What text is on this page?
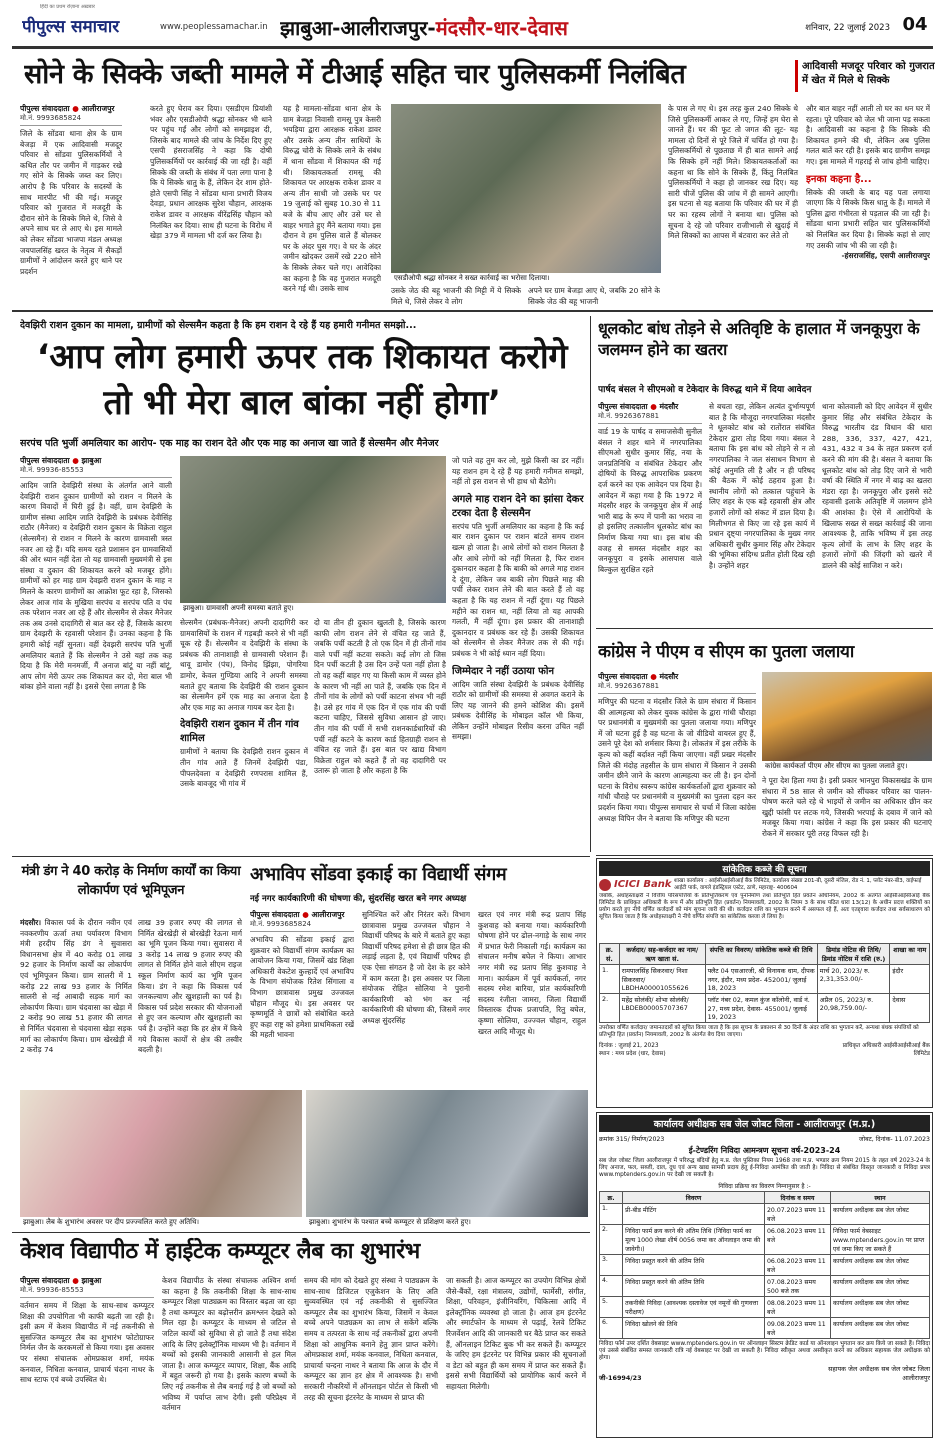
पीपुल्स समाचार
हिंदी का प्रथम रोज़ाना अख़बार
www.peoplessamachar.in झाबुआ-आलीराजपुर-मंदसौर-धार-देवास	शनिवार, 22 जुलाई 2023 04
सोने के सिक्के जब्ती मामले में टीआई सहित चार पुलिसकर्मी निलंबित	आदिवासी मजदूर परिवार को गुजरात में खेत में मिले थे सिक्के
पीपुल्स संवाददाता ● आलीराजपुर
मो.नं. 9993685824
जिले के सोंडवा थाना क्षेत्र के ग्राम बेजड़ा में एक आदिवासी मजदूर परिवार से सोंडवा पुलिसकर्मियों ने कथित तौर पर जमीन में गाड़कर रखे गए सोने के सिक्के जब्त कर लिए। आरोप है कि परिवार के सदस्यों के साथ मारपीट भी की गई। मजदूर परिवार को गुजरात में मजदूरी के दौरान सोने के सिक्के मिले थे, जिसे वे अपने साथ घर ले आए थे। इस मामले को लेकर सोंडवा भाजपा मंडल अध्यक्ष जयपालसिंह खरत के नेतृत्व में सैकड़ों ग्रामीणों ने आंदोलन करते हुए थाने पर प्रदर्शन
करते हुए घेराव कर दिया। एसडीएम प्रियांशी भंवर और एसडीओपी श्रद्धा सोनकर भी थाने पर पहुंच गईं और लोगों को समझाइश दी, जिसके बाद मामले की जांच के निर्देश दिए हुए एसपी हंसराजसिंह ने कहा कि दोषी पुलिसकर्मियों पर कार्रवाई की जा रही है। वहीं सिक्के की जब्ती के संबंध में पता लगा पाना है कि ये सिक्के धातु के हैं, लेकिन देर शाम होते-होते एसपी सिंह ने सोंडवा थाना प्रभारी विजय देवड़ा, प्रधान आरक्षक सुरेश चौहान, आरक्षक राकेश डावर व आरक्षक वीरेंद्रसिंह चौहान को निलंबित कर दिया। साथ ही घटना के विरोध में खेड़ा 379 में मामला भी दर्ज कर लिया है।
यह है मामला-सोंडवा थाना क्षेत्र के ग्राम बेजड़ा निवासी रामसू पुत्र केसरी भयड़िया द्वारा आरक्षक राकेश डावर और उसके अन्य तीन साथियों के विरुद्ध चोरी के सिक्के लाने के संबंध में थाना सोंडवा में शिकायत की गई थी। शिकायतकर्ता रामसू की शिकायत पर आरक्षक राकेश डावर व अन्य तीन साथी जो उसके घर पर 19 जुलाई को सुबह 10.30 से 11 बजे के बीच आए और उसे घर से बाहर भगाते हुए मैंने बताया गया। इस दौरान वे हम पुलिस वाले हैं बोलकर घर के अंदर घुस गए। वे घर के अंदर जमीन खोदकर उसमें रखे 220 सोने के सिक्के लेकर चले गए। आवेदिका का कहना है कि वह गुजरात मजदूरी करने गई थी। उसके साथ
एसडीओपी श्रद्धा सोनकर ने सख्त कार्रवाई का भरोसा दिलाया।
उसके जेठ की बहू भाजनी की मिट्टी में ये सिक्के मिले थे, जिसे लेकर वे लोग
अपने घर ग्राम बेजड़ा आए थे, जबकि 20 सोने के सिक्के जेठ की बहू भाजनी
के पास ले गए थे। इस तरह कुल 240 सिक्के थे जिसे पुलिसकर्मी आकर ले गए, जिन्हें हम घेरा से जानते हैं। घर की फूट तो जगत की लूट- यह मामला दो दिनों से पूरे जिले में चर्चित हो गया है। पुलिसकर्मियों से पूछताछ में ही बात सामने आई कि सिक्के हमें नहीं मिले। शिकायतकर्ताओं का कहना था कि सोने के सिक्के हैं, किंतु निलंबित पुलिसकर्मियों ने कहा हो जानकर रख दिए। यह सारी चीजें पुलिस की जांच में ही सामने आएगी। इस घटना से यह बताया कि परिवार की घर में ही घर का रहस्य लोगों ने बनाया था। पुलिस को सूचना दे रहे जो परिवार राजीभाली से खुदाई में मिले सिक्कों का आपस में बंटवारा कर लेते तो
और बात बाहर नहीं आती तो घर का धन घर में रहता। पूरे परिवार को जेल भी जाना पड़ सकता है। आदिवासी का कहना है कि सिक्के की शिकायत हमने की थी, लेकिन अब पुलिस गलत बातें कर रही है। इसके बाद ग्रामीण समझ गए। इस मामले में गहराई से जांच होनी चाहिए।
इनका कहना है...
सिक्के की जब्ती के बाद यह पता लगाया जाएगा कि ये सिक्के किस धातु के हैं। मामले में पुलिस द्वारा गंभीरता से पड़ताल की जा रही है। सोंडवा थाना प्रभारी सहित चार पुलिसकर्मियों को निलंबित कर दिया है। सिक्के कहां से लाए गए उसकी जांच भी की जा रही है।
-हंसराजसिंह, एसपी आलीराजपुर
देवझिरी राशन दुकान का मामला, ग्रामीणों को सेल्समैन कहता है कि हम राशन दे रहे हैं यह हमारी गनीमत समझो...
‘आप लोग हमारी ऊपर तक शिकायत करोगे तो भी मेरा बाल बांका नहीं होगा’
सरपंच पति भुर्जी अमलियार का आरोप- एक माह का राशन देते और एक माह का अनाज खा जाते हैं सेल्समैन और मैनेजर
पीपुल्स संवाददाता ● झाबुआ
मो.नं. 99936-85553
आदिम जाति देवझिरी संस्था के अंतर्गत आने वाली देवझिरी राशन दुकान ग्रामीणों को राशन न मिलने के कारण विवादों में घिरी हुई है। वहीं, ग्राम देवझिरी के ग्रामीण संस्था आदिम जाति देवझिरी के प्रबंधक देवीसिंह राठौर (मैनेजर) व देवझिरी राशन दुकान के विक्रेता राहुल (सेल्समैन) से राशन न मिलने के कारण ग्रामवासी त्रस्त नजर आ रहे हैं। यदि समय रहते प्रशासन इन ग्रामवासियों की ओर ध्यान नहीं देता तो यह ग्रामवासी मुख्यमंत्री से इस संस्था व दुकान की शिकायत करने को मजबूर होंगे। ग्रामीणों को हर माह ग्राम देवझरी राशन दुकान के माह न मिलने के कारण ग्रामीणों का आक्रोश फूट रहा है, जिसको लेकर आज गांव के मुखिया सरपंच व सरपंच पति व पंच तक परेशान नजर आ रहे हैं और सेल्समैन से लेकर मैनेजर तक अब उनसे दादागिरी से बात कर रहे हैं, जिसके कारण ग्राम देवझरी के रहवासी परेशान हैं। उनका कहना है कि हमारी कोई नहीं सुनता। वहीं देवझरी सरपंच पति भुर्जी अमलियार बताते हैं कि सेल्समैन ने उसे यहां तक कह दिया है कि मेरी मनमर्जी, मैं अनाज बांटूं या नहीं बांटूं, आप लोग मेरी ऊपर तक शिकायत कर दो, मेरा बाल भी बांका होने वाला नहीं है। इससे ऐसा लगता है कि
झाबुआ। ग्रामवासी अपनी समस्या बताते हुए।
सेल्समैन (प्रबंधक-मैनेजर) अपनी दादागिरी कर ग्रामवासियों के राशन में गड़बड़ी करने से भी नहीं चूक रहे हैं। सेल्समैन व देवझिरी के संस्था के प्रबंधक की तानाशाही से ग्रामवासी परेशान हैं। थावू डामोर (पंच), विनोद झिंझा, पोगरिया डामोर, केवल गुण्डिया आदि ने अपनी समस्या बताते हुए बताया कि देवझिरी की राशन दुकान का सेल्समैन हमें एक माह का अनाज देता है और एक माह का अनाज गायब कर देता है।
देवझिरी राशन दुकान में तीन गांव शामिल
ग्रामीणों ने बताया कि देवझिरी राशन दुकान में तीन गांव आते हैं जिनमें देवझिरी पंडा, पीपलदेवला व देवझिरी रणपरास शामिल हैं, उसके बावजूद भी गांव में
दो या तीन ही दुकान खुलती है, जिसके कारण काफी लोग राशन लेने से वंचित रह जाते हैं, जबकि पर्ची कटती है तो एक दिन में ही तीनों गांव वाले पर्ची नहीं कटवा सकते। कई लोग तो जिस दिन पर्ची कटती है उस दिन उन्हें पता नहीं होता है तो वह कहीं बाहर गए या किसी काम में व्यस्त होने के कारण भी नहीं आ पाते हैं, जबकि एक दिन में तीनों गांव के लोगों को पर्ची काटना संभव भी नहीं है। उसे हर गांव में एक दिन में एक गांव की पर्ची कटना चाहिए, जिससे सुविधा आसान हो जाए। तीन गांव की पर्ची में सभी राशनकार्डधारियों की पर्ची नहीं कटने के कारण कार्ड हितग्राही राशन से वंचित रह जाते हैं। इस बात पर खाद्य विभाग विक्रेता राहुल को कहते हैं तो वह दादागिरी पर उतारू हो जाता है और कहता है कि
जो पाते वह तुम कर लो, मुझे किसी का डर नहीं। यह राशन हम दे रहे हैं यह हमारी गनीमत समझो, नहीं तो इस राशन से भी हाथ धो बैठोगे।
अगले माह राशन देने का झांसा देकर टरका देता है सेल्समैन
सरपंच पति भुर्जी अमलियार का कहना है कि कई बार राशन दुकान पर राशन बांटते समय राशन खत्म हो जाता है। आधे लोगों को राशन मिलता है और आधे लोगों को नहीं मिलता है, फिर राशन दुकानदार कहता है कि बाकी को अगले माह राशन दे दूंगा, लेकिन जब बाकी लोग पिछले माह की पर्ची लेकर राशन लेने की बात करते हैं तो वह कहता है कि यह राशन में नहीं दूंगा। यह पिछले महीने का राशन था, नहीं लिया तो यह आपकी गलती, मैं नहीं दूंगा। इस प्रकार की तानाशाही दुकानदार व प्रबंधक कर रहे हैं। उसकी शिकायत को सेल्समैन से लेकर मैनेजर तक से की गई। प्रबंधक ने भी कोई ध्यान नहीं दिया।
जिम्मेदार ने नहीं उठाया फोन
आदिम जाति संस्था देवझिरी के प्रबंधक देवीसिंह राठौर को ग्रामीणों की समस्या से अवगत कराने के लिए यह जानने की हमने कोशिश की। इसमें प्रबंधक देवीसिंह के मोबाइल कॉल भी किया, लेकिन उन्होंने मोबाइल रिसीव करना उचित नहीं समझा।
धूलकोट बांध तोड़ने से अतिवृष्टि के हालात में जनकूपुरा के जलमग्न होने का खतरा
पार्षद बंसल ने सीएमओ व टेकेदार के विरुद्ध थाने में दिया आवेदन
पीपुल्स संवाददाता ● मंदसौर
मो.नं. 9926367881
वार्ड 19 के पार्षद व समाजसेवी सुनील बंसल ने शहर थाने में नगरपालिका सीएमओ सुधीर कुमार सिंह, नया के जनप्रतिनिधि व संबंधित टेकेदार और दोषियों के विरुद्ध आपराधिक प्रकरण दर्ज करने का एक आवेदन पत्र दिया है। आवेदन में कहा गया है कि 1972 में मंदसौर शहर के जनकूपुरा क्षेत्र में आई भारी बाढ़ के रूप में पानी का भराव ना हो इसलिए तत्कालीन धूलकोट बांध का निर्माण किया गया था। इस बांध की वजह से समस्त मंदसौर शहर का जनकूपुरा व इसके आसपास वाले बिल्कुल सुरक्षित रहते
से बचता रहा, लेकिन अत्यंत दुर्भाग्यपूर्ण बात है कि मौजूदा नगरपालिका मंदसौर ने धूलकोट बांध को रातोंरात संबंधित टेकेदार द्वारा तोड़ दिया गया। बंसल ने बताया कि इस बांध को तोड़ने से न तो नगरपालिका ने जल संसाधन विभाग से कोई अनुमति ली है और न ही परिषद की बैठक में कोई ठहराव हुआ है। स्थानीय लोगों को तत्काल पहुंचाने के लिए शहर के एक बड़े रहवासी क्षेत्र और हजारों लोगों को संकट में डाल दिया है। मिलीभगत से किए जा रहे इस कार्य में प्रधान दृष्ट्या नगरपालिका के मुख्य नगर अधिकारी सुधीर कुमार सिंह और टेकेदार की भूमिका संदिग्ध प्रतीत होती दिख रही है। उन्होंने शहर
थाना कोतवाली को दिए आवेदन में सुधीर कुमार सिंह और संबंधित टेकेदार के विरुद्ध भारतीय दंड विधान की धारा 288, 336, 337, 427, 421, 431, 432 व 34 के तहत प्रकरण दर्ज करने की मांग की है। बंसल ने बताया कि धूलकोट बांध को तोड़ दिए जाने से भारी वर्षा की स्थिति में नगर में बाढ़ का खतरा मंडरा रहा है। जनकूपुरा और इससे सटे रहवासी इलाके अतिवृष्टि में जलमग्न होने की आशंका है। ऐसे में आरोपियों के खिलाफ सख्त से सख्त कार्रवाई की जाना आवश्यक है, ताकि भविष्य में इस तरह कृत्य लोगों के लाभ के लिए शहर के हजारों लोगों की जिंदगी को खतरे में डालने की कोई साजिश न करे।
कांग्रेस ने पीएम व सीएम का पुतला जलाया
पीपुल्स संवाददाता ● मंदसौर
मो.नं. 9926367881
मणिपुर की घटना व मंदसौर जिले के ग्राम संधारा में किसान की आत्महत्या को लेकर युवक कांग्रेस के द्वारा गांधी चौराहा पर प्रधानमंत्री व मुख्यमंत्री का पुतला जलाया गया। मणिपुर में जो घटना हुई है वह घटना के जो वीडियो वायरल हुए हैं, उसने पूरे देश को शर्मसार किया है। लोकतंत्र में इस तरीके के कृत्य को कहीं बर्दाश्त नहीं किया जाएगा। वहीं प्रखर मंदसौर जिले की मंदोह तहसील के ग्राम संधारा में किसान ने उसकी जमीन छीने जाने के कारण आत्महत्या कर ली है। इन दोनों घटना के विरोध स्वरूप कांग्रेस कार्यकर्ताओं द्वारा शुक्रवार को गांधी चौराहे पर प्रधानमंत्री व मुख्यमंत्री का पुतला दहन कर प्रदर्शन किया गया। पीपुल्स समाचार से चर्चा में जिला कांग्रेस अध्यक्ष विपिन जैन ने बताया कि मणिपुर की घटना
कांग्रेस कार्यकर्ता पीएम और सीएम का पुतला जलाते हुए।
ने पूरा देश हिला गया है। इसी प्रकार भानपुरा विकासखंड के ग्राम संधारा में 58 साल से जमीन को सींचकर परिवार का पालन-पोषण करते चले रहे थे भाइयों से जमीन का अधिकार छीन कर खुद्दी फांसी पर लटक गये, जिसकी भरपाई के दबाव में जाने को मजबूर किया गया। कांग्रेस ने कहा कि इस प्रकार की घटनाएं रोकने में सरकार पूरी तरह विफल रही है।
सांकेतिक कब्जे की सूचना
ICICI Bank शाखा कार्यालय : आईसीआईसीआई बैंक लिमिटेड, कार्यालय संख्या 201-बी, दूसरी मंजिल, रोड नं. 1, प्लॉट नंबर-बी3, वाईफाई आईटी पार्क, वागले इंडस्ट्रियल एस्टेट, ठाणे, महाराष्ट्र- 400604
जबकि, अधोहस्ताक्षरी ने वित्तीय परिसंपत्तियों के प्रतिभूतिकरण एवं पुनर्निर्माण तथा प्रतिभूति हित प्रवर्तन अधिनियम, 2002 के अंतर्गत आईसीआईसीआई बैंक लिमिटेड के प्राधिकृत अधिकारी के रूप में और प्रतिभूति हित (प्रवर्तन) नियमावली, 2002 के नियम 3 के साथ पठित धारा 13(12) के अधीन प्रदत्त शक्तियों का प्रयोग करते हुए नीचे वर्णित कर्जदारों को मांग सूचना जारी की थी। कर्जदार राशि का भुगतान करने में असफल रहे हैं, अतः एतद्द्वारा कर्जदार तथा सर्वसाधारण को सूचित किया जाता है कि अधोहस्ताक्षरी ने नीचे वर्णित संपत्ति का सांकेतिक कब्जा ले लिया है।
क्र. सं.	कर्जदार/ सह-कर्जदार का नाम/ ऋण खाता सं.	संपत्ति का विवरण/ सांकेतिक कब्जे की तिथि	डिमांड नोटिस की तिथि/ डिमांड नोटिस में राशि (रु.)	शाखा का नाम
1.	रामपालसिंह सिकरवार/ निशा सिकरवार/ LBDHA00001055626	फ्लैट 04 एसआरजी, श्री विनायक धाम, दीपक नगर, इंदौर, मध्य प्रदेश- 452001/ जुलाई 18, 2023	मार्च 20, 2023/ रु. 2,31,353.00/-	इंदौर
2.	महेंद्र सोलंकी/ शोभा सोलंकी/ LBDEB00005707367	प्लॉट नंबर 02, कमल कुंज कॉलोनी, वार्ड नं. 27, मध्य प्रदेश, देवास- 455001/ जुलाई 19, 2023	अप्रैल 05, 2023/ रु. 20,98,759.00/-	देवास
उपरोक्त वर्णित कर्जदार/ जमानतदारों को सूचित किया जाता है कि इस सूचना के प्रकाशन से 30 दिनों के अंदर राशि का भुगतान करें, अन्यथा बंधक संपत्तियों को प्रतिभूति हित (प्रवर्तन) नियमावली, 2002 के अंतर्गत बेच दिया जाएगा।
दिनांक : जुलाई 21, 2023
स्थान : मध्य प्रदेश (धार, देवास)
प्राधिकृत अधिकारी आईसीआईसीआई बैंक लिमिटेड
कार्यालय अधीक्षक सब जेल जोबट जिला - आलीराजपुर (म.प्र.)
क्रमांक 315/ निर्माण/2023	जोबट, दिनांक- 11.07.2023
ई-टेण्डरिंग निविदा आमन्त्रण सूचना वर्ष-2023-24
सब जेल जोबट जिला आलीराजपुर में परिरुद्ध बंदियों हेतु म.प्र. जेल पुस्तिका नियम 1968 तथा म.प्र. भण्डार क्रय नियम 2015 के तहत वर्ष 2023-24 के लिए अनाज, फल, सब्जी, दाल, दूध एवं अन्य खाद्य सामग्री प्रदाय हेतु ई-निविदा आमंत्रित की जाती है। निविदा से संबंधित विस्तृत जानकारी व निविदा प्रपत्र www.mptenders.gov.in पर देखी जा सकती है।
निविदा प्रक्रिया का विवरण निम्नानुसार है :-
क्र.	विवरण	दिनांक व समय	स्थान
1.	प्री-बीड मीटिंग	20.07.2023 समय 11 बजे	कार्यालय अधीक्षक सब जेल जोबट
2.	निविदा फार्म क्रय करने की अंतिम तिथि (निविदा फार्म का मूल्य 1000 लेखा शीर्ष 0056 जमा कर ऑनलाइन जमा की जावेगी।)	06.08.2023 समय 11 बजे	निविदा फार्म वेबसाइट www.mptenders.gov.in पर प्राप्त एवं जमा किए जा सकते हैं
3.	निविदा प्रस्तुत करने की अंतिम तिथि	06.08.2023 समय 11 बजे	कार्यालय अधीक्षक सब जेल जोबट
4.	निविदा प्रस्तुत करने की अंतिम तिथि	07.08.2023 समय 500 बजे तक	कार्यालय अधीक्षक सब जेल जोबट
5.	तकनीकी निविदा (आवश्यक दस्तावेज एवं नमूनों की गुणवत्ता परीक्षण)	08.08.2023 समय 11 बजे	कार्यालय अधीक्षक सब जेल जोबट
6.	निविदा खोलने की तिथि	09.08.2023 समय 11 बजे	कार्यालय अधीक्षक सब जेल जोबट
निविदा फॉर्म उपर दर्शित वेबसाइट www.mptenders.gov.in पर ऑनलाइन सिस्टम क्रेडिट कार्ड या ऑनलाइन भुगतान कर क्रय किये जा सकते हैं। निविदा एवं उससे संबंधित समस्त जानकारी रात्रि नई वेबसाइट पर देखी जा सकती है। निविदा स्वीकृत अथवा अस्वीकृत करने का अधिकार सहायक जेल अधीक्षक को होगा।
जी-16994/23
सहायक जेल अधीक्षक सब जेल जोबट जिला आलीराजपुर
मंत्री डंग ने 40 करोड़ के निर्माण कार्यों का किया लोकार्पण एवं भूमिपूजन
मंदसौर। विकास पर्व के दौरान नवीन एवं नवकरणीय ऊर्जा तथा पर्यावरण विभाग मंत्री हरदीप सिंह डंग ने सुवासरा विधानसभा क्षेत्र में 40 करोड़ 01 लाख 92 हजार के निर्माण कार्यों का लोकार्पण एवं भूमिपूजन किया। ग्राम सालरी में 1 करोड़ 22 लाख 93 हजार के निर्मित सालरी से नई आबादी सड़क मार्ग का लोकार्पण किया। ग्राम चंदवासा का खेड़ा में 2 करोड़ 90 लाख 51 हजार की लागत से निर्मित चंदवासा से चंदवासा खेड़ा सड़क मार्ग का लोकार्पण किया। ग्राम खेरखेड़ी में 2 करोड़ 74
लाख 39 हजार रुपए की लागत से निर्मित खेरखेड़ी से बोरखेड़ी रेऊना मार्ग का भूमि पूजन किया गया। सुवासरा में 3 करोड़ 14 लाख 9 हजार रुपए की लागत से निर्मित होने वाले सीएम राइज स्कूल निर्माण कार्य का भूमि पूजन किया। डंग ने कहा कि विकास पर्व जनकल्याण और खुशहाली का पर्व है। विकास पर्व प्रदेश सरकार की योजनाओं से हुए जन कल्याण और खुशहाली का पर्व है। उन्होंने कहा कि हर क्षेत्र में किये गये विकास कार्यों से क्षेत्र की तस्वीर बदली है।
झाबुआ। लैब के शुभारंभ अवसर पर दीप प्रज्ज्वलित करते हुए अतिथि।
अभाविप सोंडवा इकाई का विद्यार्थी संगम
नई नगर कार्यकारिणी की घोषणा की, सुंदरसिंह खरत बने नगर अध्यक्ष
पीपुल्स संवाददाता ● आलीराजपुर
मो.नं. 9993685824
अभाविप की सोंडवा इकाई द्वारा शुक्रवार को विद्यार्थी संगम कार्यक्रम का आयोजन किया गया, जिसमें खंड शिक्षा अधिकारी वेकटेश कुल्हार्दे एवं अभाविप के विभाग संयोजक रितेश सिंगाला व विभाग छात्रावास प्रमुख उज्जवल चौहान मौजूद थे। इस अवसर पर कृष्णमूर्ति ने छात्रों को संबोधित करते हुए कहा राष्ट्र को हमेशा प्राथमिकता रखें की महती भावना
सुनिश्चित करें और निरंतर करें। विभाग छात्रावास प्रमुख उज्जवल चौहान ने विद्यार्थी परिषद के बारे में बताते हुए कहा विद्यार्थी परिषद हमेशा से ही छात्र हित की लड़ाई लड़ता है, एवं विद्यार्थी परिषद ही एक ऐसा संगठन है जो देश के हर कोने में काम करता है। इस अवसर पर जिला संयोजक रोहित सोलिया ने पुरानी कार्यकारिणी को भंग कर नई कार्यकारिणी की घोषणा की, जिसमें नगर अध्यक्ष सुंदरसिंह
खरत एवं नगर मंत्री रूद्र प्रताप सिंह कुशवाह को बनाया गया। कार्यकारिणी घोषणा होने पर ढोल-नगाड़े के साथ नगर में प्रभात फेरी निकाली गई। कार्यक्रम का संचालन मनीष बघेल ने किया। आभार नगर मंत्री रुद्र प्रताप सिंह कुशवाह ने माना। कार्यक्रम में पूर्व कार्यकर्ता, नगर सदस्य रमेश बारिया, प्रांत कार्यकारिणी सदस्य रंजीता जामरा, जिला विद्यार्थी विस्तारक दीपक प्रजापति, रितु बघेल, कृष्णा सोलिया, उज्ज्वल चौहान, राहुल खरत आदि मौजूद थे।
झाबुआ। शुभारंभ के पश्चात बच्चे कम्प्यूटर से प्रशिक्षण करते हुए।
केशव विद्यापीठ में हाईटेक कम्प्यूटर लैब का शुभारंभ
पीपुल्स संवाददाता ● झाबुआ
मो.नं. 99936-85553
वर्तमान समय में शिक्षा के साथ-साथ कम्प्यूटर शिक्षा की उपयोगिता भी काफी बढ़ती जा रही है। इसी क्रम में केशव विद्यापीठ में नई तकनीकी से सुसज्जित कम्प्यूटर लैब का शुभारंभ फोटोग्राफर निर्मल जैन के करकमलों से किया गया। इस अवसर पर संस्था संचालक ओमप्रकाश शर्मा, मयंक कनवाल, निधिता कनवाल, प्राचार्य चंदना नाथर के साथ स्टाफ एवं बच्चे उपस्थित थे।
केशव विद्यापीठ के संस्था संचालक अश्विन शर्मा का कहना है कि तकनीकी शिक्षा के साथ-साथ कम्प्यूटर शिक्षा पाठ्यक्रम का विस्तार बढ़ता जा रहा है तथा कम्प्यूटर का बढ़ोत्तरीन क्रमश्लन देखते को मिल रहा है। कम्प्यूटर के माध्यम से जटिल से जटिल कार्यों को सुविधा से हो जाते हैं तथा संदेश आदि के लिए इलेक्ट्रॉनिक माध्यम भी है। वर्तमान में बच्चों को इसकी जानकारी आसानी से हल मिल जाता है। आज कम्प्यूटर व्यापार, शिक्षा, बैंक आदि में बहुत जरूरी हो गया है। इसके कारण बच्चों के लिए नई तकनीक से लैब बनाई गई है जो बच्चों को भविष्य में पर्याप्त लाभ देगी। इसी परिप्रेक्ष्य में वर्तमान
समय की मांग को देखते हुए संस्था ने पाठ्यक्रम के साथ-साथ डिजिटल एजुकेशन के लिए अति सुव्यवस्थित एवं नई तकनीकी से सुसज्जित कम्प्यूटर लैब का शुभारंभ किया, जिसमें न केवल बच्चे अपने पाठ्यक्रम का लाभ ले सकेंगे बल्कि समय व तत्परता के साथ नई तकनीकों द्वारा अपनी शिक्षा को आधुनिक बनाने हेतु ज्ञान प्राप्त करेंगे। ओमप्रकाश शर्मा, मयंक कनवाल, निधिता कनवाल, प्राचार्या चन्दना नाथर ने बताया कि आज के दौर में कम्प्यूटर का ज्ञान हर क्षेत्र में आवश्यक है। सभी सरकारी नौकरियों में ऑनलाइन पोर्टल से किसी भी तरह की सूचना इंटरनेट के माध्यम से प्राप्त की
जा सकती है। आज कम्प्यूटर का उपयोग विभिन्न क्षेत्रों जैसे-बैंकों, रक्षा मंत्रालय, उद्योगों, फार्मेसी, संगीत, शिक्षा, परिवहन, इंजीनियरिंग, चिकित्सा आदि में इलेक्ट्रॉनिक व्यवस्था हो जाता है। आज हम इंटरनेट और स्मार्टफोन के माध्यम से पढ़ाई, रेलवे टिकिट रिजर्वेशन आदि की जानकारी घर बैठे प्राप्त कर सकते हैं, ऑनलाइन टिकिट बुक भी कर सकते हैं। कम्प्यूटर के जरिए हम इंटरनेट पर विभिन्न प्रकार की सूचनाओं व डेटा को बहुत ही कम समय में प्राप्त कर सकते हैं। इससे सभी विद्यार्थियों को प्रायोगिक कार्य करने में सहायता मिलेगी।
